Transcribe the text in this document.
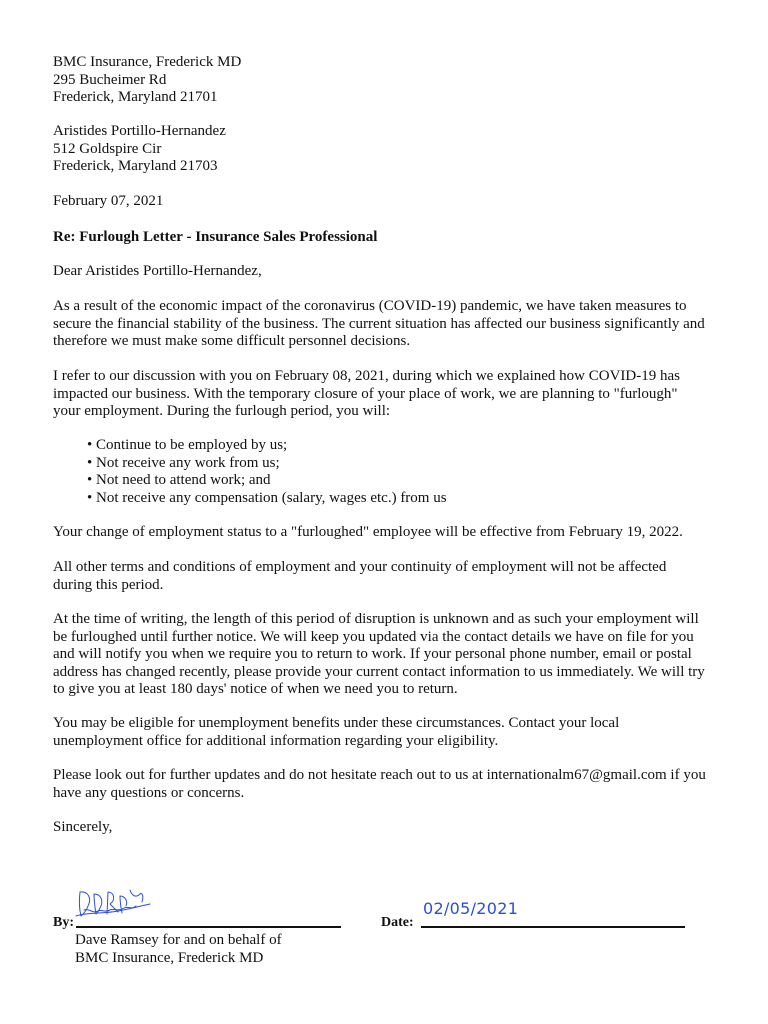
BMC Insurance, Frederick MD
295 Bucheimer Rd
Frederick, Maryland 21701
Aristides Portillo-Hernandez
512 Goldspire Cir
Frederick, Maryland 21703
February 07, 2021
Re: Furlough Letter - Insurance Sales Professional
Dear Aristides Portillo-Hernandez,
As a result of the economic impact of the coronavirus (COVID-19) pandemic, we have taken measures to
secure the financial stability of the business. The current situation has affected our business significantly and
therefore we must make some difficult personnel decisions.
I refer to our discussion with you on February 08, 2021, during which we explained how COVID-19 has
impacted our business. With the temporary closure of your place of work, we are planning to "furlough"
your employment. During the furlough period, you will:
• Continue to be employed by us;
• Not receive any work from us;
• Not need to attend work; and
• Not receive any compensation (salary, wages etc.) from us
Your change of employment status to a "furloughed" employee will be effective from February 19, 2022.
All other terms and conditions of employment and your continuity of employment will not be affected
during this period.
At the time of writing, the length of this period of disruption is unknown and as such your employment will
be furloughed until further notice. We will keep you updated via the contact details we have on file for you
and will notify you when we require you to return to work. If your personal phone number, email or postal
address has changed recently, please provide your current contact information to us immediately. We will try
to give you at least 180 days' notice of when we need you to return.
You may be eligible for unemployment benefits under these circumstances. Contact your local
unemployment office for additional information regarding your eligibility.
Please look out for further updates and do not hesitate reach out to us at internationalm67@gmail.com if you
have any questions or concerns.
Sincerely,
By:	Date:
02/05/2021
Dave Ramsey for and on behalf of
BMC Insurance, Frederick MD
